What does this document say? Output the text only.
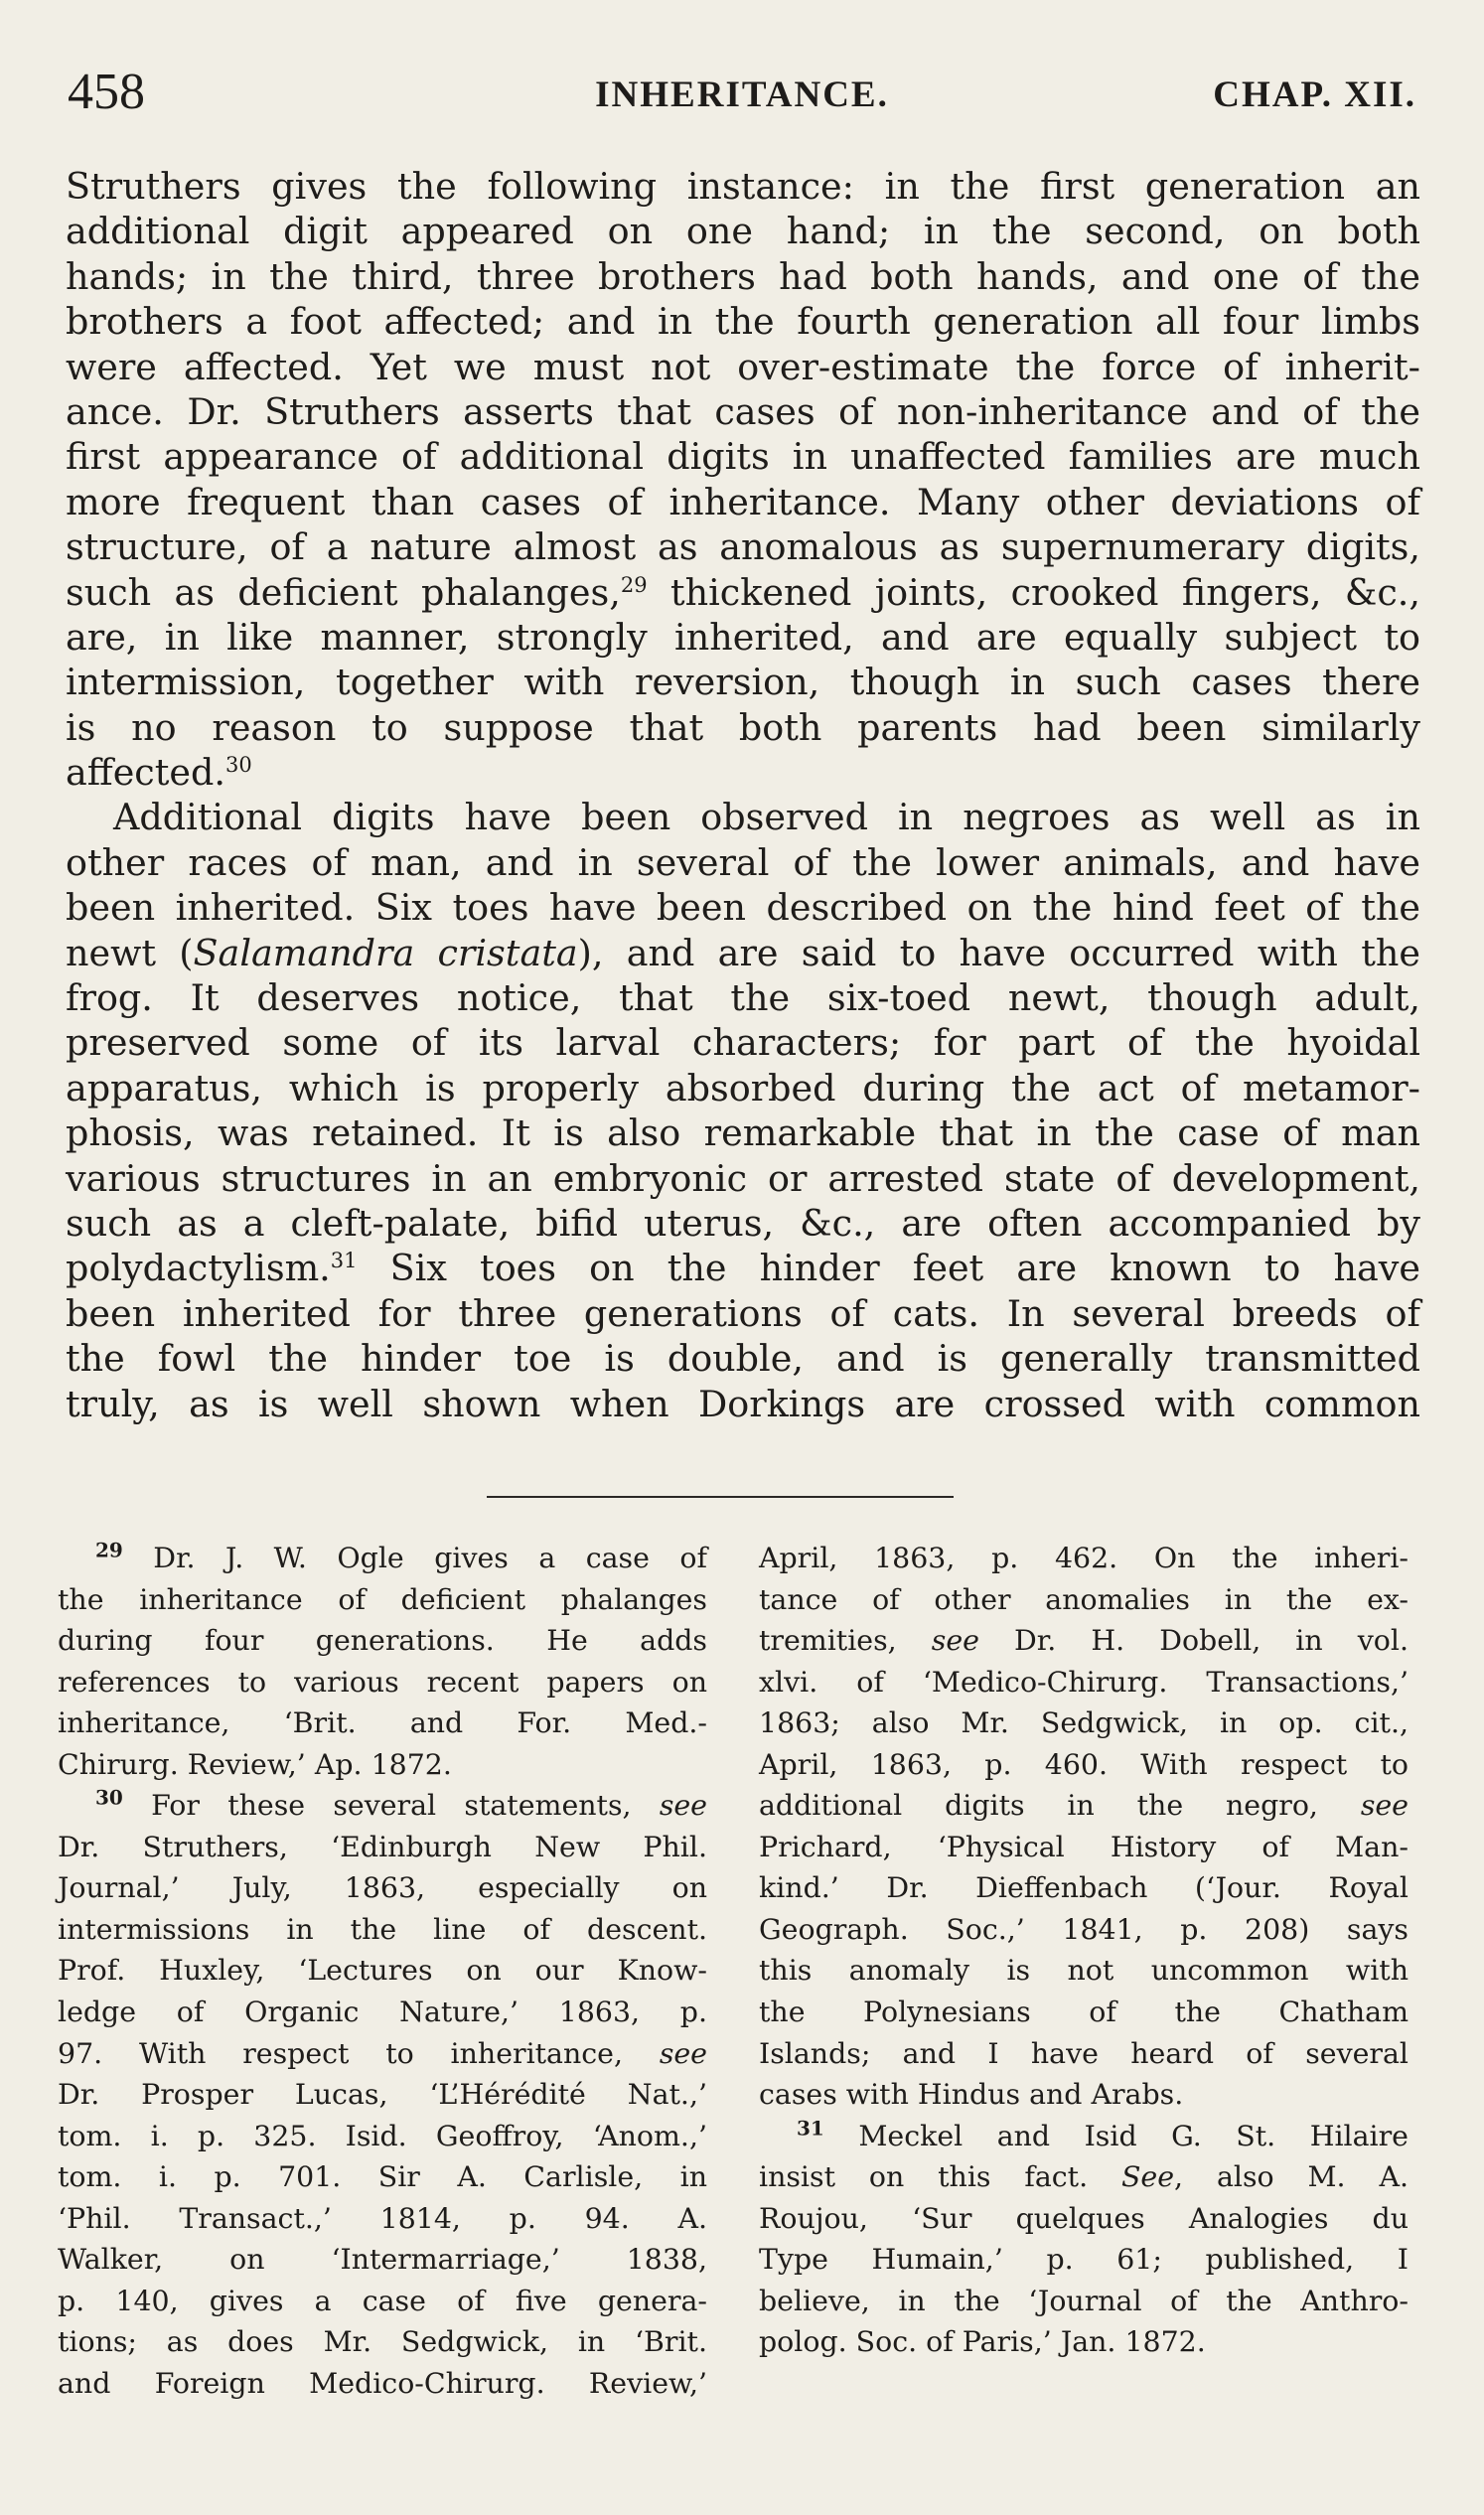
458	INHERITANCE.	CHAP. XII.
Struthers gives the following instance: in the first generation an
additional digit appeared on one hand; in the second, on both
hands; in the third, three brothers had both hands, and one of the
brothers a foot affected; and in the fourth generation all four limbs
were affected. Yet we must not over-estimate the force of inherit-
ance. Dr. Struthers asserts that cases of non-inheritance and of the
first appearance of additional digits in unaffected families are much
more frequent than cases of inheritance. Many other deviations of
structure, of a nature almost as anomalous as supernumerary digits,
such as deficient phalanges,$^{29}$ thickened joints, crooked fingers, &c.,
are, in like manner, strongly inherited, and are equally subject to
intermission, together with reversion, though in such cases there
is no reason to suppose that both parents had been similarly
affected.$^{30}$
Additional digits have been observed in negroes as well as in
other races of man, and in several of the lower animals, and have
been inherited. Six toes have been described on the hind feet of the
newt (Salamandra cristata), and are said to have occurred with the
frog. It deserves notice, that the six-toed newt, though adult,
preserved some of its larval characters; for part of the hyoidal
apparatus, which is properly absorbed during the act of metamor-
phosis, was retained. It is also remarkable that in the case of man
various structures in an embryonic or arrested state of development,
such as a cleft-palate, bifid uterus, &c., are often accompanied by
polydactylism.$^{31}$ Six toes on the hinder feet are known to have
been inherited for three generations of cats. In several breeds of
the fowl the hinder toe is double, and is generally transmitted
truly, as is well shown when Dorkings are crossed with common
$^{29}$ Dr. J. W. Ogle gives a case of
the inheritance of deficient phalanges
during four generations. He adds
references to various recent papers on
inheritance, ‘Brit. and For. Med.-
Chirurg. Review,’ Ap. 1872.
$^{30}$ For these several statements, see
Dr. Struthers, ‘Edinburgh New Phil.
Journal,’ July, 1863, especially on
intermissions in the line of descent.
Prof. Huxley, ‘Lectures on our Know-
ledge of Organic Nature,’ 1863, p.
97. With respect to inheritance, see
Dr. Prosper Lucas, ‘L’Hérédité Nat.,’
tom. i. p. 325. Isid. Geoffroy, ‘Anom.,’
tom. i. p. 701. Sir A. Carlisle, in
‘Phil. Transact.,’ 1814, p. 94. A.
Walker, on ‘Intermarriage,’ 1838,
p. 140, gives a case of five genera-
tions; as does Mr. Sedgwick, in ‘Brit.
and Foreign Medico-Chirurg. Review,’
April, 1863, p. 462. On the inheri-
tance of other anomalies in the ex-
tremities, see Dr. H. Dobell, in vol.
xlvi. of ‘Medico-Chirurg. Transactions,’
1863; also Mr. Sedgwick, in op. cit.,
April, 1863, p. 460. With respect to
additional digits in the negro, see
Prichard, ‘Physical History of Man-
kind.’ Dr. Dieffenbach (‘Jour. Royal
Geograph. Soc.,’ 1841, p. 208) says
this anomaly is not uncommon with
the Polynesians of the Chatham
Islands; and I have heard of several
cases with Hindus and Arabs.
$^{31}$ Meckel and Isid G. St. Hilaire
insist on this fact. See, also M. A.
Roujou, ‘Sur quelques Analogies du
Type Humain,’ p. 61; published, I
believe, in the ‘Journal of the Anthro-
polog. Soc. of Paris,’ Jan. 1872.
